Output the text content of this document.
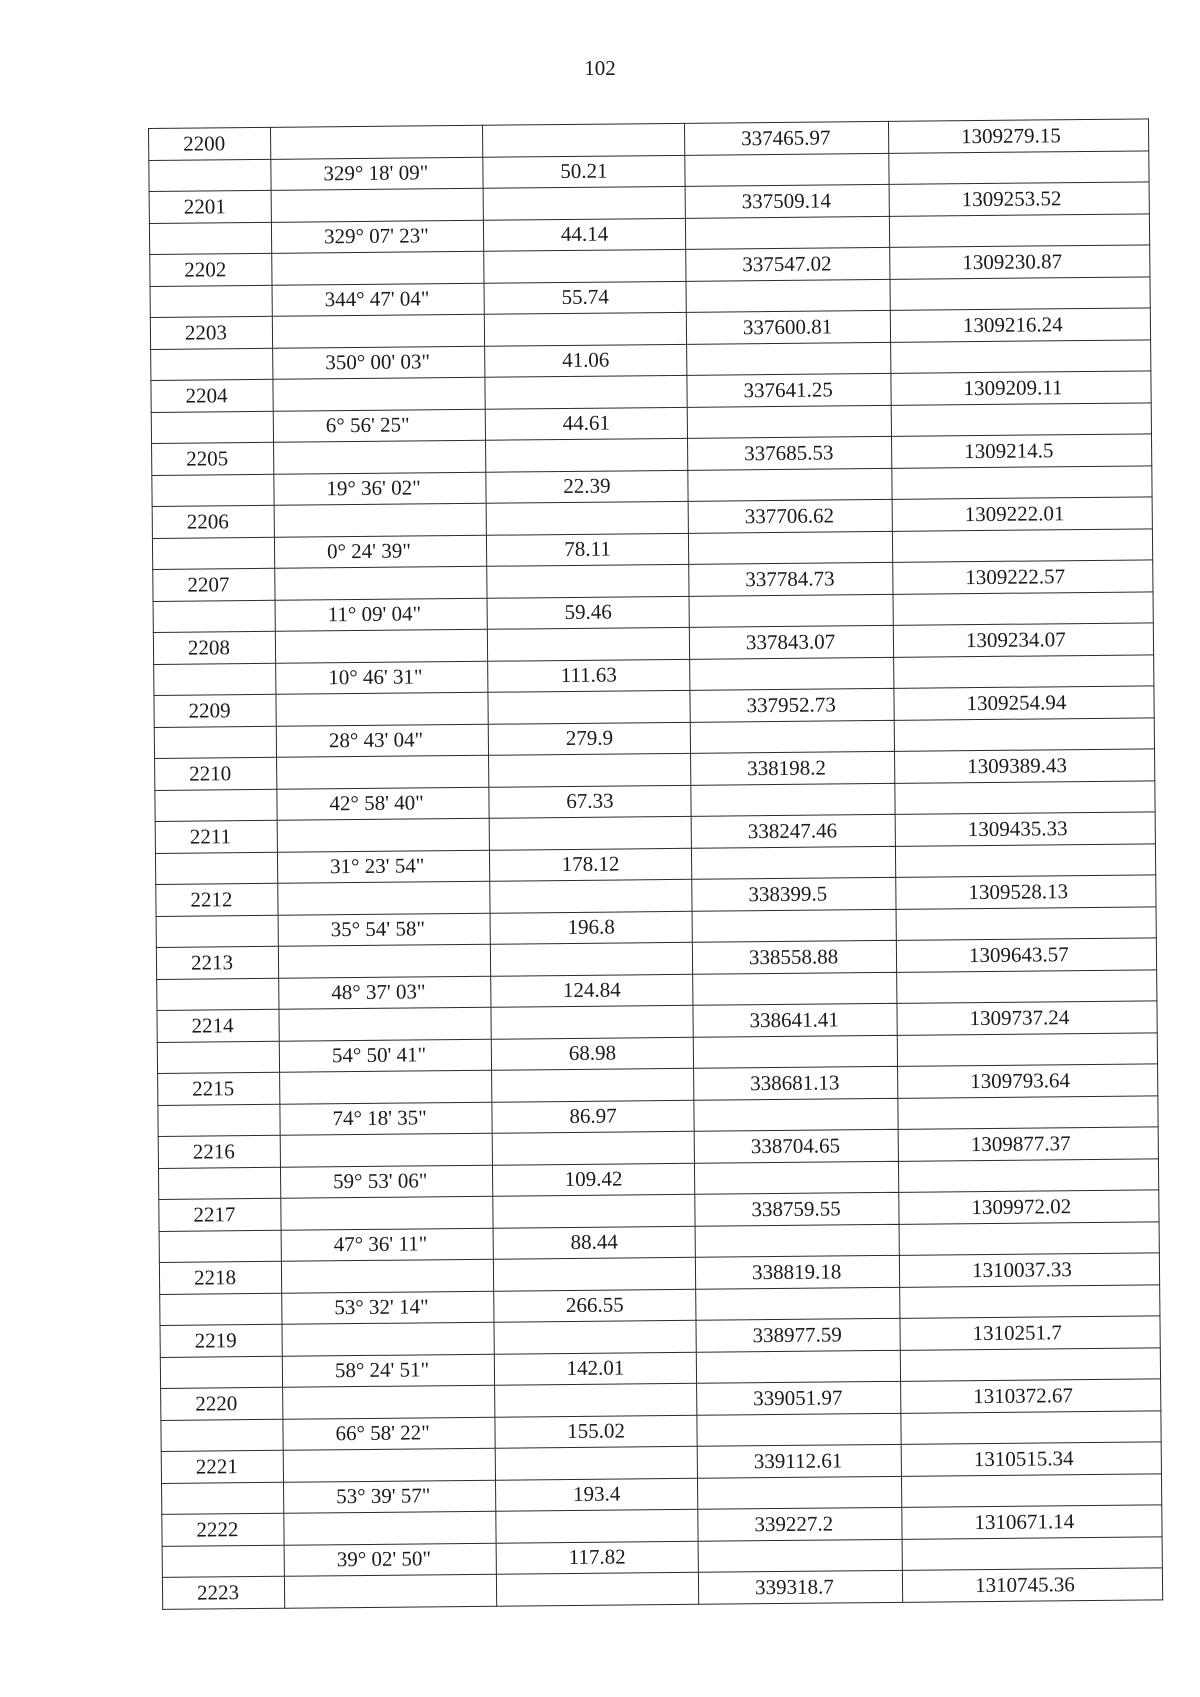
102
2200			337465.97	1309279.15
	329° 18' 09"	50.21		
2201			337509.14	1309253.52
	329° 07' 23"	44.14		
2202			337547.02	1309230.87
	344° 47' 04"	55.74		
2203			337600.81	1309216.24
	350° 00' 03"	41.06		
2204			337641.25	1309209.11
	6° 56' 25"	44.61		
2205			337685.53	1309214.5
	19° 36' 02"	22.39		
2206			337706.62	1309222.01
	0° 24' 39"	78.11		
2207			337784.73	1309222.57
	11° 09' 04"	59.46		
2208			337843.07	1309234.07
	10° 46' 31"	111.63		
2209			337952.73	1309254.94
	28° 43' 04"	279.9		
2210			338198.2	1309389.43
	42° 58' 40"	67.33		
2211			338247.46	1309435.33
	31° 23' 54"	178.12		
2212			338399.5	1309528.13
	35° 54' 58"	196.8		
2213			338558.88	1309643.57
	48° 37' 03"	124.84		
2214			338641.41	1309737.24
	54° 50' 41"	68.98		
2215			338681.13	1309793.64
	74° 18' 35"	86.97		
2216			338704.65	1309877.37
	59° 53' 06"	109.42		
2217			338759.55	1309972.02
	47° 36' 11"	88.44		
2218			338819.18	1310037.33
	53° 32' 14"	266.55		
2219			338977.59	1310251.7
	58° 24' 51"	142.01		
2220			339051.97	1310372.67
	66° 58' 22"	155.02		
2221			339112.61	1310515.34
	53° 39' 57"	193.4		
2222			339227.2	1310671.14
	39° 02' 50"	117.82		
2223			339318.7	1310745.36
